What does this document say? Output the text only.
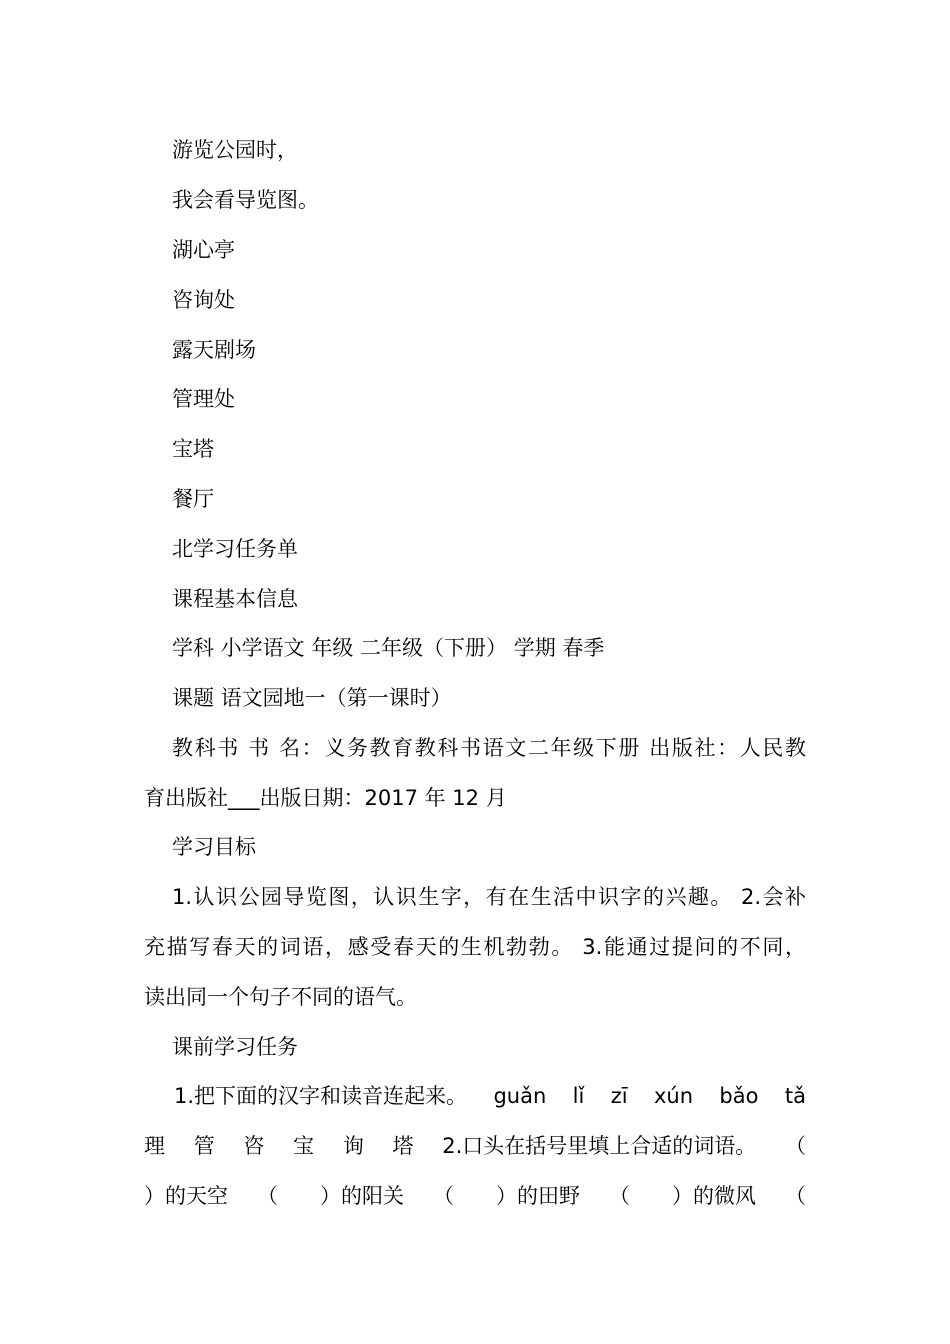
游览公园时，
我会看导览图。
湖心亭
咨询处
露天剧场
管理处
宝塔
餐厅
北学习任务单
课程基本信息
学科 小学语文 年级 二年级（下册） 学期 春季
课题 语文园地一（第一课时）
教科书 书 名：义务教育教科书语文二年级下册 出版社：人民教
育出版社___出版日期：2017 年 12 月
学习目标
1.认识公园导览图，认识生字，有在生活中识字的兴趣。 2.会补
充描写春天的词语，感受春天的生机勃勃。 3.能通过提问的不同，
读出同一个句子不同的语气。
课前学习任务
1.把下面的汉字和读音连起来。 guǎn lǐ zī xún bǎo tǎ
理 管 咨 宝 询 塔 2.口头在括号里填上合适的词语。 （
）的天空 （　　）的阳关 （　　）的田野 （　　）的微风 （
